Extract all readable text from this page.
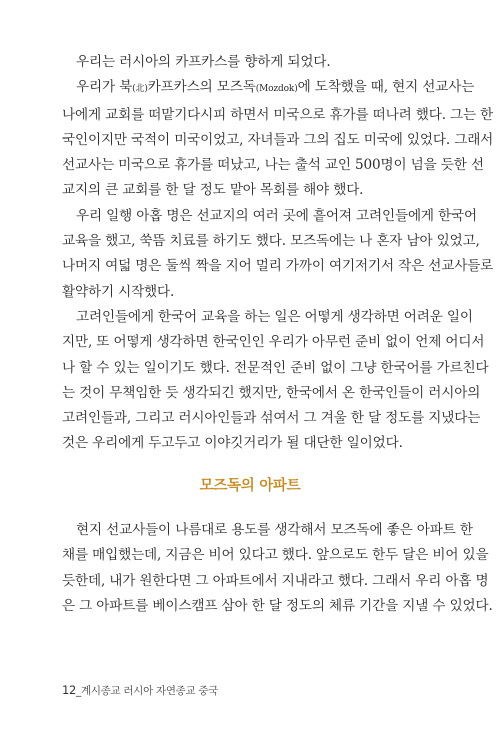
우리는 러시아의 카프카스를 향하게 되었다.

우리가 북(北)카프카스의 모즈독(Mozdok)에 도착했을 때, 현지 선교사는
나에게 교회를 떠맡기다시피 하면서 미국으로 휴가를 떠나려 했다. 그는 한
국인이지만 국적이 미국이었고, 자녀들과 그의 집도 미국에 있었다. 그래서
선교사는 미국으로 휴가를 떠났고, 나는 출석 교인 500명이 넘을 듯한 선
교지의 큰 교회를 한 달 정도 맡아 목회를 해야 했다.

우리 일행 아홉 명은 선교지의 여러 곳에 흩어져 고려인들에게 한국어
교육을 했고, 쑥뜸 치료를 하기도 했다. 모즈독에는 나 혼자 남아 있었고,
나머지 여덟 명은 둘씩 짝을 지어 멀리 가까이 여기저기서 작은 선교사들로
활약하기 시작했다.

고려인들에게 한국어 교육을 하는 일은 어떻게 생각하면 어려운 일이
지만, 또 어떻게 생각하면 한국인인 우리가 아무런 준비 없이 언제 어디서
나 할 수 있는 일이기도 했다. 전문적인 준비 없이 그냥 한국어를 가르친다
는 것이 무책임한 듯 생각되긴 했지만, 한국에서 온 한국인들이 러시아의
고려인들과, 그리고 러시아인들과 섞여서 그 겨울 한 달 정도를 지냈다는
것은 우리에게 두고두고 이야깃거리가 될 대단한 일이었다.

모즈독의 아파트

현지 선교사들이 나름대로 용도를 생각해서 모즈독에 좋은 아파트 한
채를 매입했는데, 지금은 비어 있다고 했다. 앞으로도 한두 달은 비어 있을
듯한데, 내가 원한다면 그 아파트에서 지내라고 했다. 그래서 우리 아홉 명
은 그 아파트를 베이스캠프 삼아 한 달 정도의 체류 기간을 지낼 수 있었다.

12_계시종교 러시아 자연종교 중국
